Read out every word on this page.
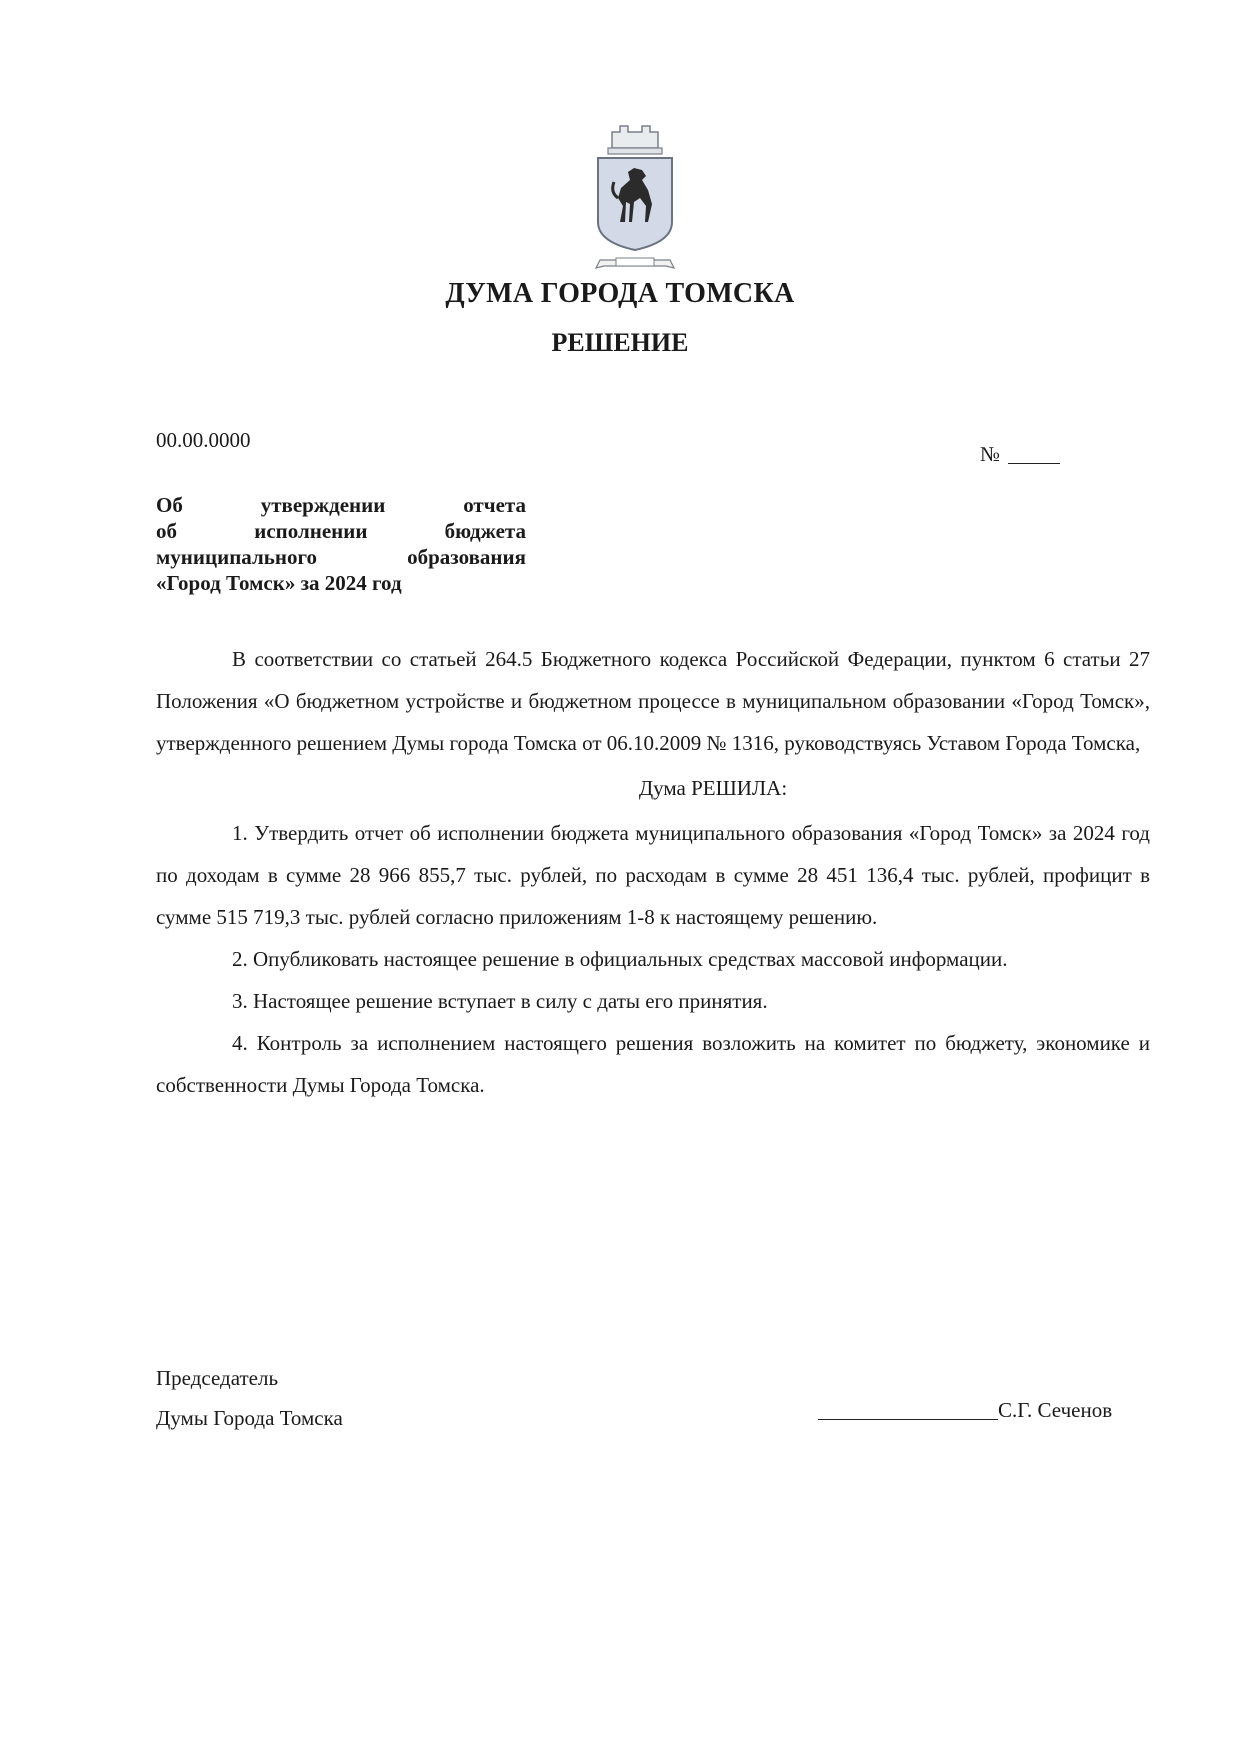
ДУМА ГОРОДА ТОМСКА
РЕШЕНИЕ
00.00.0000
№
Об утверждении отчета
об исполнении бюджета
муниципального образования
«Город Томск» за 2024 год

В соответствии со статьей 264.5 Бюджетного кодекса Российской Федерации, пунктом 6 статьи 27 Положения «О бюджетном устройстве и бюджетном процессе в муниципальном образовании «Город Томск», утвержденного решением Думы города Томска от 06.10.2009 № 1316, руководствуясь Уставом Города Томска,

Дума РЕШИЛА:

1. Утвердить отчет об исполнении бюджета муниципального образования «Город Томск» за 2024 год по доходам в сумме 28 966 855,7 тыс. рублей, по расходам в сумме 28 451 136,4 тыс. рублей, профицит в сумме 515 719,3 тыс. рублей согласно приложениям 1-8 к настоящему решению.

2. Опубликовать настоящее решение в официальных средствах массовой информации.

3. Настоящее решение вступает в силу с даты его принятия.

4. Контроль за исполнением настоящего решения возложить на комитет по бюджету, экономике и собственности Думы Города Томска.

Председатель
Думы Города Томска	С.Г. Сеченов
